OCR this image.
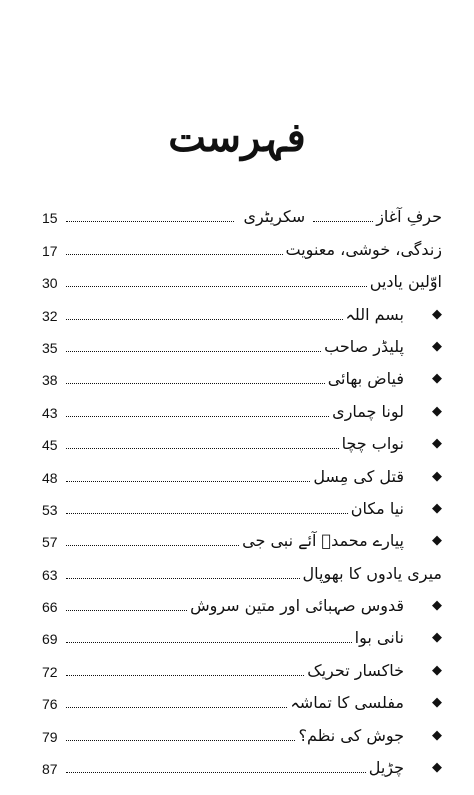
فہرست
15	سکریٹری	حرفِ آغاز
17	زندگی، خوشی، معنویت
30	اوّلین یادیں
32	بسم اللہ	◆
35	پلیڈر صاحب	◆
38	فیاض بھائی	◆
43	لونا چماری	◆
45	نواب چچا	◆
48	قتل کی مِسل	◆
53	نیا مکان	◆
57	پیارے محمدؐ آئے نبی جی	◆
63	میری یادوں کا بھوپال
66	قدوس صہبائی اور متین سروش	◆
69	نانی بوا	◆
72	خاکسار تحریک	◆
76	مفلسی کا تماشہ	◆
79	جوش کی نظم؟	◆
87	چڑیل	◆
